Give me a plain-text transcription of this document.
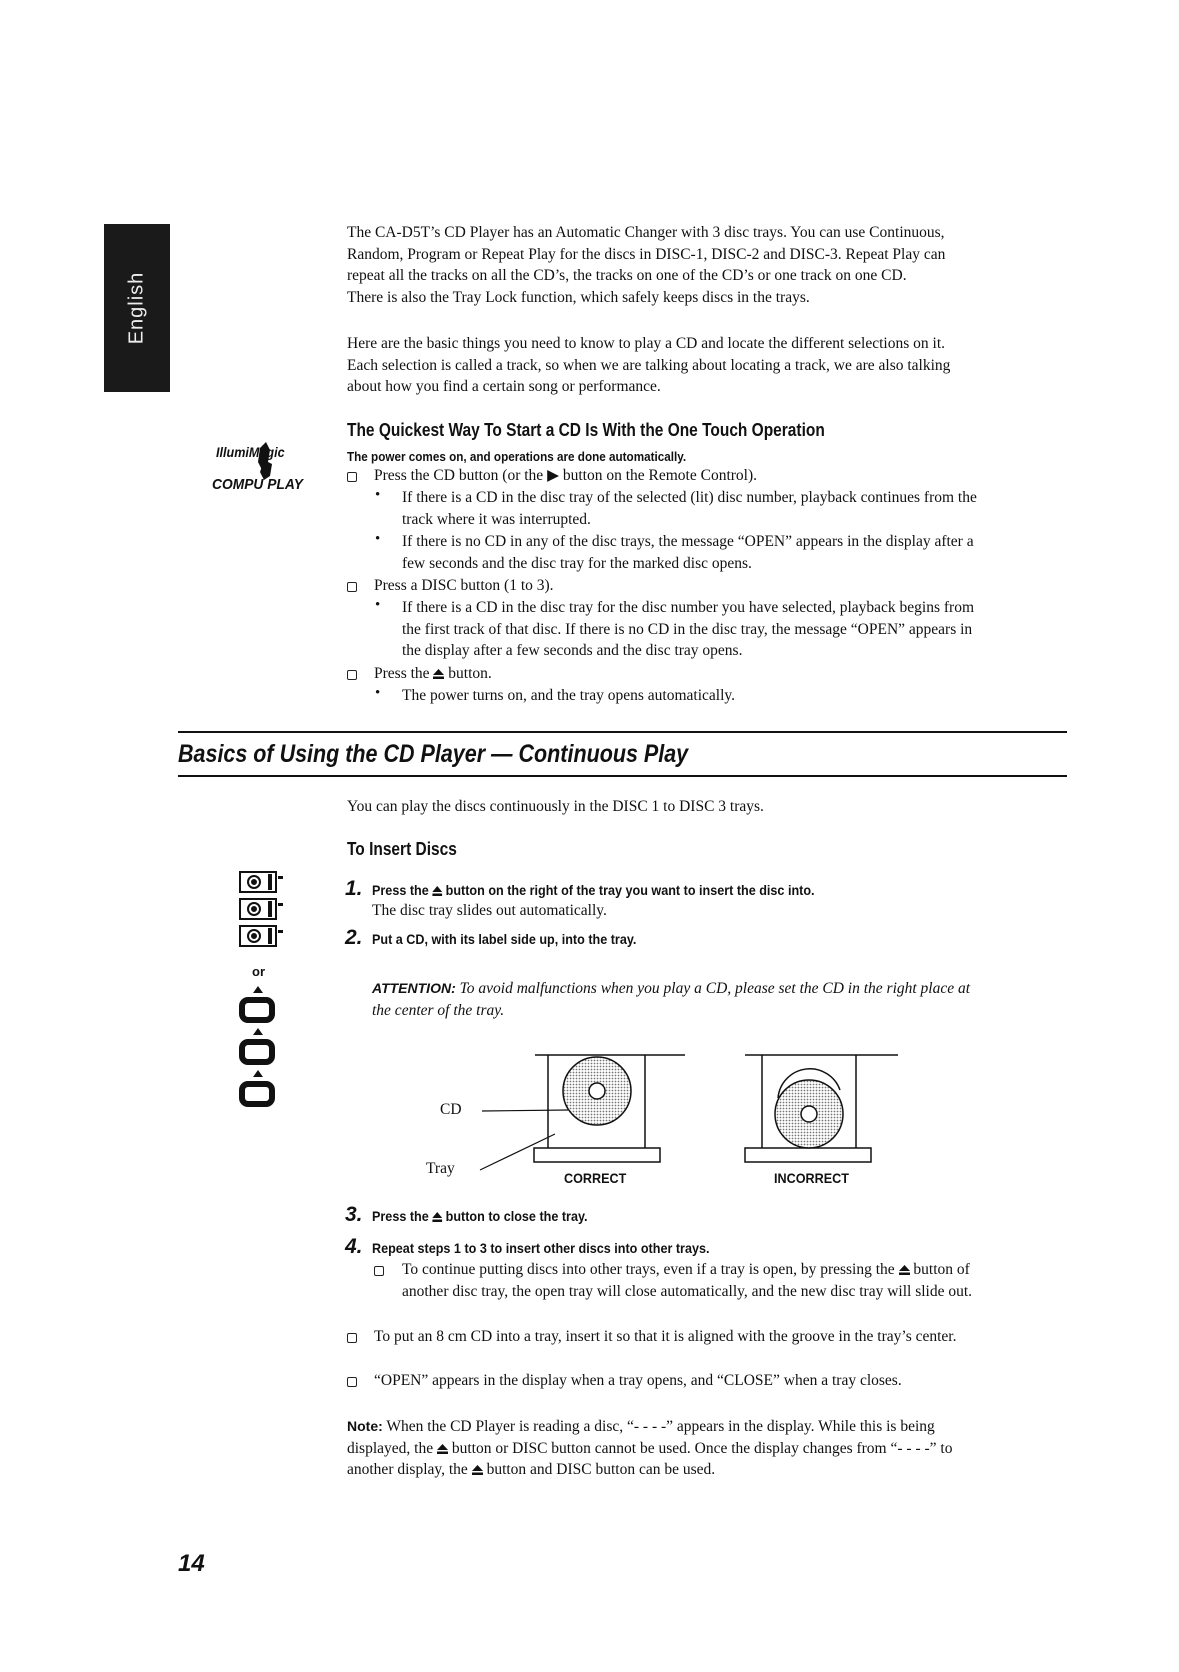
English
The CA-D5T’s CD Player has an Automatic Changer with 3 disc trays. You can use Continuous,
Random, Program or Repeat Play for the discs in DISC-1, DISC-2 and DISC-3. Repeat Play can
repeat all the tracks on all the CD’s, the tracks on one of the CD’s or one track on one CD.
There is also the Tray Lock function, which safely keeps discs in the trays.
Here are the basic things you need to know to play a CD and locate the different selections on it.
Each selection is called a track, so when we are talking about locating a track, we are also talking
about how you find a certain song or performance.
IllumiMagic
COMPU PLAY
The Quickest Way To Start a CD Is With the One Touch Operation
The power comes on, and operations are done automatically.
Press the CD button (or the ▶ button on the Remote Control).
• If there is a CD in the disc tray of the selected (lit) disc number, playback continues from the
track where it was interrupted.
• If there is no CD in any of the disc trays, the message “OPEN” appears in the display after a
few seconds and the disc tray for the marked disc opens.
Press a DISC button (1 to 3).
• If there is a CD in the disc tray for the disc number you have selected, playback begins from
the first track of that disc. If there is no CD in the disc tray, the message “OPEN” appears in
the display after a few seconds and the disc tray opens.
Press the button.
• The power turns on, and the tray opens automatically.
Basics of Using the CD Player — Continuous Play
You can play the discs continuously in the DISC 1 to DISC 3 trays.
To Insert Discs
or
1. Press the button on the right of the tray you want to insert the disc into.
The disc tray slides out automatically.
2. Put a CD, with its label side up, into the tray.
ATTENTION: To avoid malfunctions when you play a CD, please set the CD in the right place at
the center of the tray.
CD
Tray
CORRECT	INCORRECT
3. Press the button to close the tray.
4. Repeat steps 1 to 3 to insert other discs into other trays.
To continue putting discs into other trays, even if a tray is open, by pressing the button of
another disc tray, the open tray will close automatically, and the new disc tray will slide out.
To put an 8 cm CD into a tray, insert it so that it is aligned with the groove in the tray’s center.
“OPEN” appears in the display when a tray opens, and “CLOSE” when a tray closes.
Note: When the CD Player is reading a disc, “- - - -” appears in the display. While this is being
displayed, the button or DISC button cannot be used. Once the display changes from “- - - -” to
another display, the button and DISC button can be used.
14
